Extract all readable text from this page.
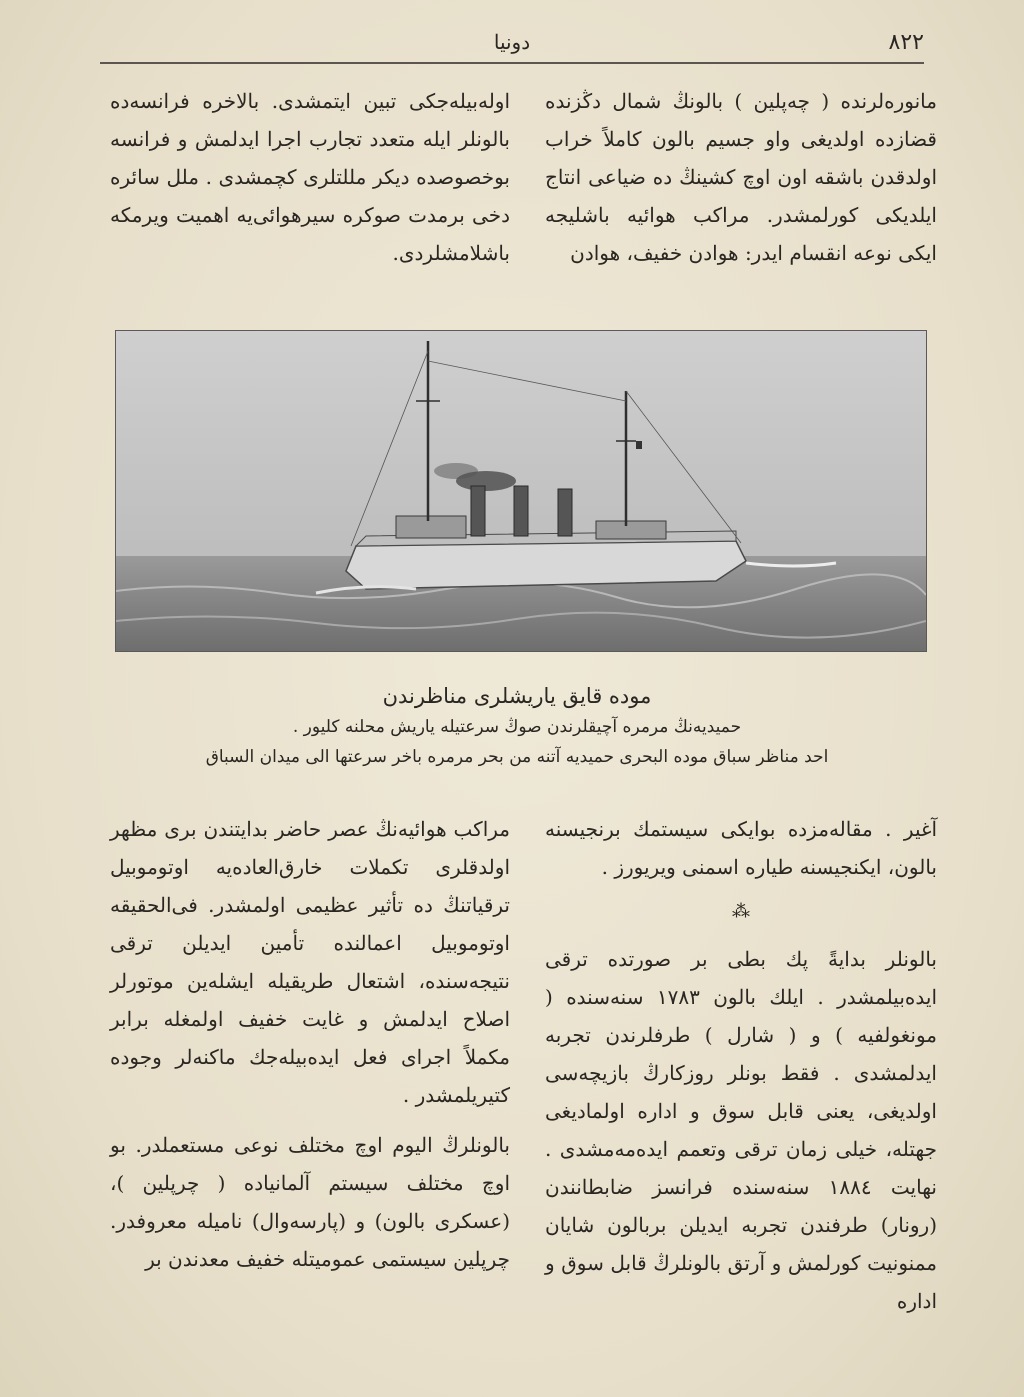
٨٢٢
دونیا

مانوره‌لرنده ( چه‌پلین ) بالونڭ شمال دڭزنده قضازده اولدیغی واو جسیم بالون کاملاً خراب اولدقدن باشقه اون اوچ کشینڭ ده ضیاعی انتاج ایلدیکی کورلمشدر. مراکب هوائیه باشلیجه ایکی نوعه انقسام ایدر: هوادن خفیف، هوادن

اوله‌بیله‌جکی تبین ایتمشدی. بالاخره فرانسه‌ده بالونلر ایله متعدد تجارب اجرا ایدلمش و فرانسه بوخصوصده دیکر مللتلری کچمشدی . ملل سائره دخی برمدت صوکره سیرهوائی‌یه اهمیت ویرمکه باشلامشلردی.

موده قایق یاریشلری مناظرندن
حمیدیه‌نڭ مرمره آچیقلرندن صوڭ سرعتیله یاریش محلنه کلیور .
احد مناظر سباق موده البحری حمیدیه آتنه من بحر مرمره باخر سرعتها الی میدان السباق

آغیر . مقاله‌مزده بوایکی سیستمك برنجیسنه بالون، ایکنجیسنه طیاره اسمنی ویریورز .

⁂

بالونلر بدایةً پك بطی بر صورتده ترقی ایده‌بیلمشدر . ایلك بالون ۱۷۸۳ سنه‌سنده ( مونغولفیه ) و ( شارل ) طرفلرندن تجربه ایدلمشدی . فقط بونلر روزکارڭ بازیچه‌سی اولدیغی، یعنی قابل سوق و اداره اولمادیغی جهتله، خیلی زمان ترقی وتعمم ایده‌مه‌مشدی . نهایت ۱۸۸٤ سنه‌سنده فرانسز ضابطانندن (رونار) طرفندن تجربه ایدیلن بربالون شایان ممنونیت کورلمش و آرتق بالونلرڭ قابل سوق و اداره

مراکب هوائیه‌نڭ عصر حاضر بدایتندن بری مظهر اولدقلری تکملات خارق‌العاده‌یه اوتوموبیل ترقیاتنڭ ده تأثیر عظیمی اولمشدر. فی‌الحقیقه اوتوموبیل اعمالنده تأمین ایدیلن ترقی نتیجه‌سنده، اشتعال طریقیله ایشله‌ین موتورلر اصلاح ایدلمش و غایت خفیف اولمغله برابر مکملاً اجرای فعل ایده‌بیله‌جك ماکنه‌لر وجوده کتیریلمشدر .

بالونلرڭ الیوم اوچ مختلف نوعی مستعملدر. بو اوچ مختلف سیستم آلمانیاده ( چرپلین )، (عسکری بالون) و (پارسه‌وال) نامیله معروفدر. چرپلین سیستمی عمومیتله خفیف معدندن بر
